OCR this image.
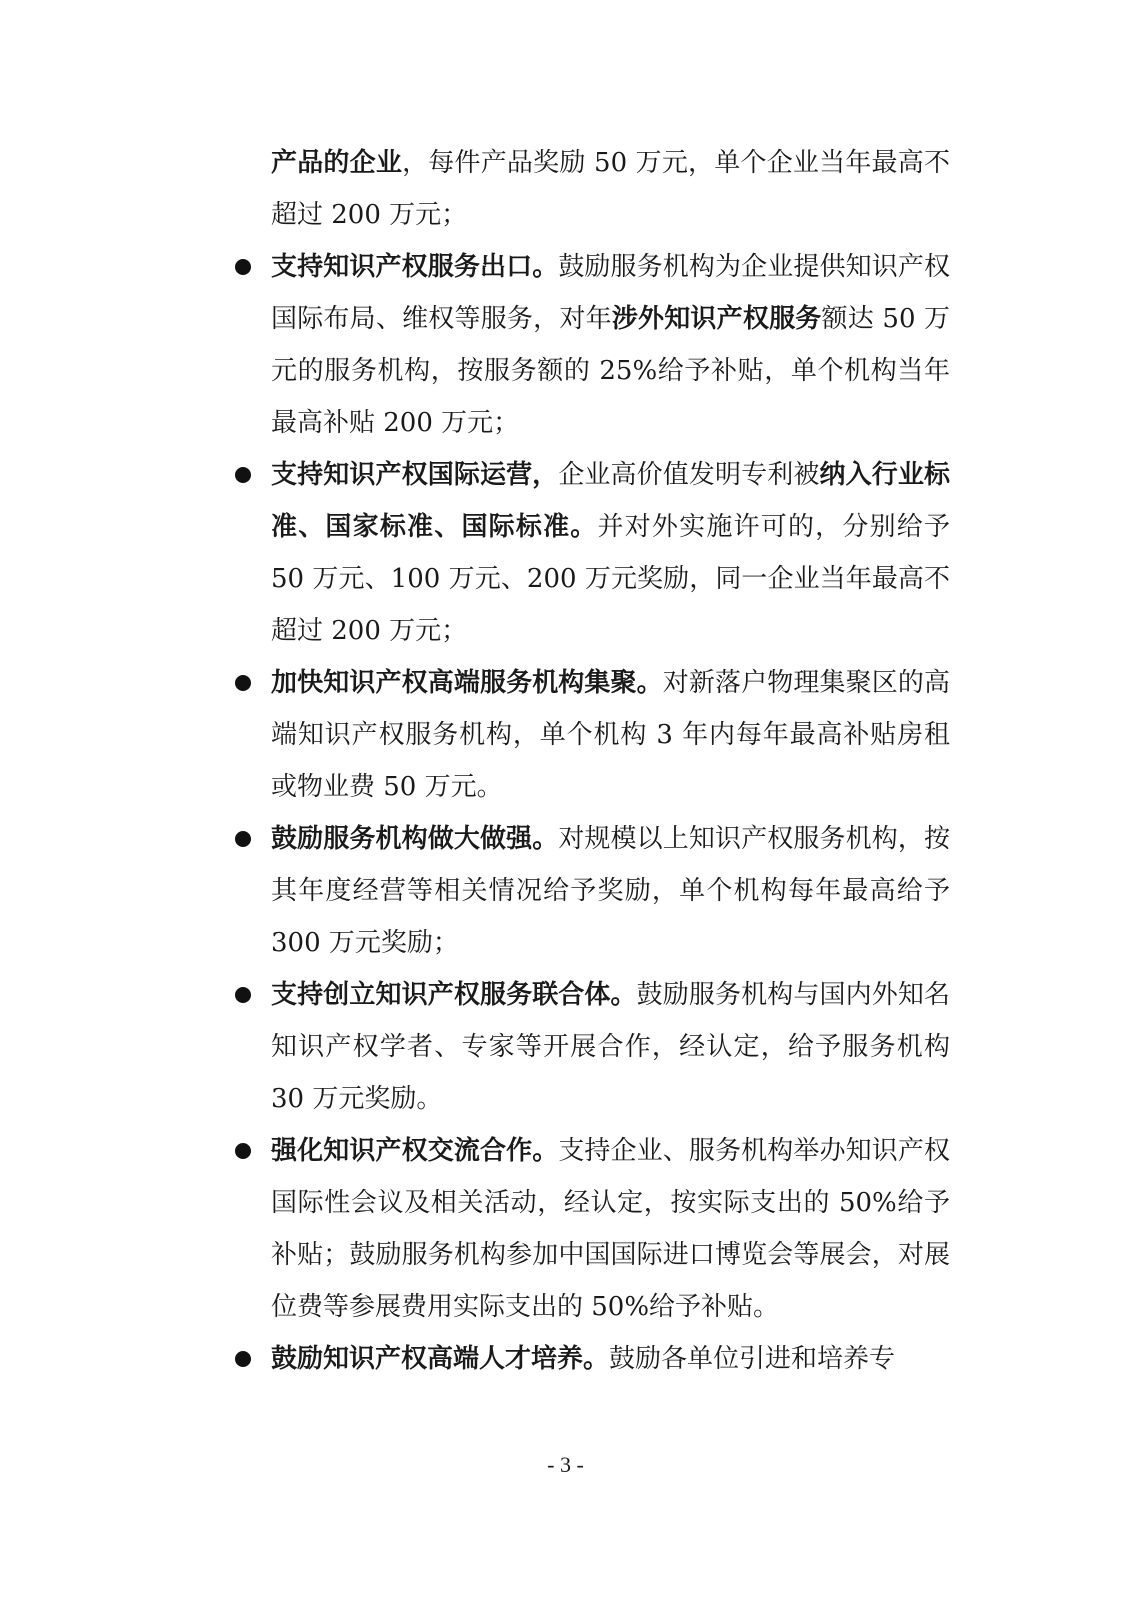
产品的企业，每件产品奖励 50 万元，单个企业当年最高不超过 200 万元；

支持知识产权服务出口。鼓励服务机构为企业提供知识产权国际布局、维权等服务，对年涉外知识产权服务额达 50 万元的服务机构，按服务额的 25%给予补贴，单个机构当年最高补贴 200 万元；

支持知识产权国际运营，企业高价值发明专利被纳入行业标准、国家标准、国际标准。并对外实施许可的，分别给予 50 万元、100 万元、200 万元奖励，同一企业当年最高不超过 200 万元；

加快知识产权高端服务机构集聚。对新落户物理集聚区的高端知识产权服务机构，单个机构 3 年内每年最高补贴房租或物业费 50 万元。

鼓励服务机构做大做强。对规模以上知识产权服务机构，按其年度经营等相关情况给予奖励，单个机构每年最高给予 300 万元奖励；

支持创立知识产权服务联合体。鼓励服务机构与国内外知名知识产权学者、专家等开展合作，经认定，给予服务机构 30 万元奖励。

强化知识产权交流合作。支持企业、服务机构举办知识产权国际性会议及相关活动，经认定，按实际支出的 50%给予补贴；鼓励服务机构参加中国国际进口博览会等展会，对展位费等参展费用实际支出的 50%给予补贴。

鼓励知识产权高端人才培养。鼓励各单位引进和培养专

- 3 -
